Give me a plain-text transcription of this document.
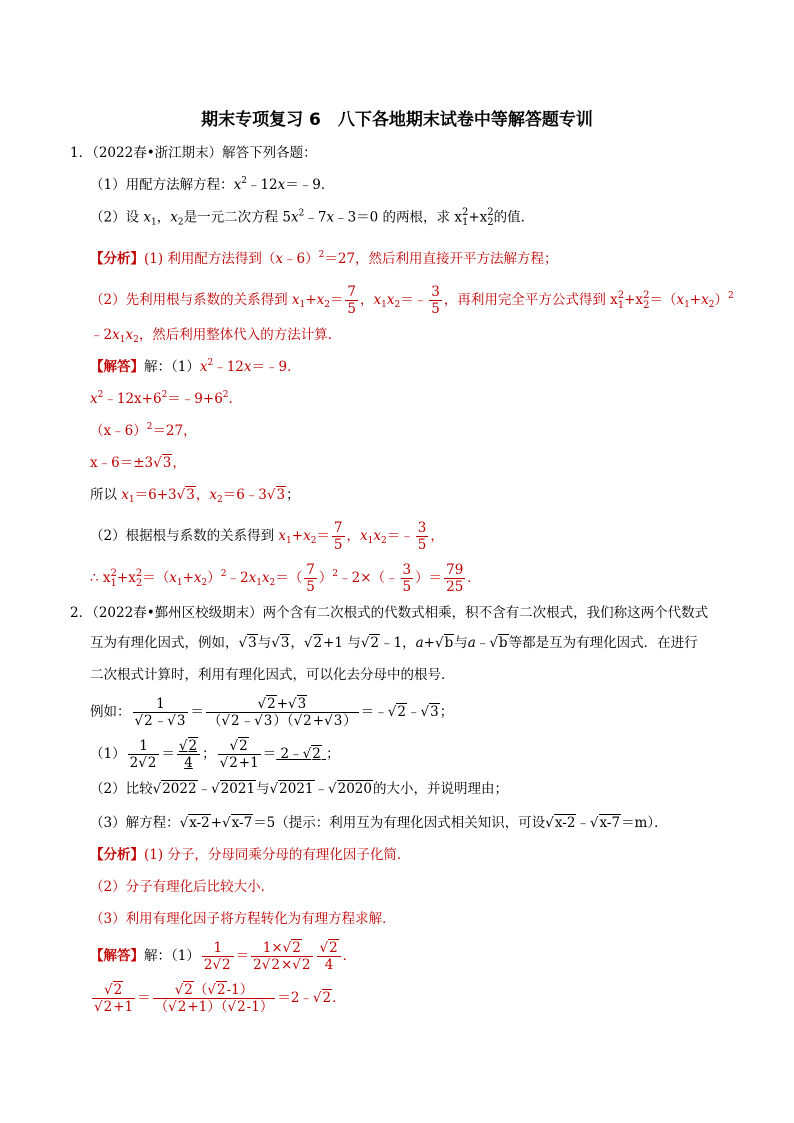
期末专项复习 6　八下各地期末试卷中等解答题专训
1．（2022春•浙江期末）解答下列各题：
（1）用配方法解方程：$x^2﹣12x=﹣9$．
（2）设 $x_1$，$x_2$是一元二次方程 $5x^2﹣7x﹣3=0$ 的两根，求 x 2
1 +x 2
2 的值．
【分析】(1) 利用配方法得到（x﹣6）$^2$＝27，然后利用直接开平方法解方程；
（2）先利用根与系数的关系得到 $x_1+x_2= \frac{7}{5}$ ，$x_1x_2=﹣ \frac{3}{5}$ ，再利用完全平方公式得到 x 2
1 +x 2
$2 =(x_1+x_2)^2$
$﹣2x_1x_2$，然后利用整体代入的方法计算．
【解答】解：$(1)x^2﹣12x=﹣9$．
$x^2﹣12x+6^2=﹣9+6^2$．
（x﹣6）$^2$＝27，
x﹣6＝±3√ 3，
所以 $x_1=6+3√$ 3，$x_2=6﹣3√$ 3；
（2）根据根与系数的关系得到 $x_1+x_2= \frac{7}{5}$ ，$x_1x_2=﹣ \frac{3}{5}$ ，
∴ x 2
1 +x 2
$2 =(x_1+x_2)^2﹣2x_1x_2=( \frac{7}{5}$ ）$^2$﹣2×（﹣ $\frac{3}{5}$ ）＝ $\frac{79}{25}$ ．
2．（2022春•鄞州区校级期末）两个含有二次根式的代数式相乘，积不含有二次根式，我们称这两个代数式
互为有理化因式，例如，√ 3与√ 3，√ 2+1 与√ 2﹣1，a+√ b与a﹣√ b等都是互为有理化因式．在进行
二次根式计算时，利用有理化因式，可以化去分母中的根号．
例如： 1
√ 2﹣√ 3 ＝
√ $\frac{2+√ 3}{(√ 2﹣√ 3)(√ 2+√ 3)}$ ＝﹣√ 2﹣√ 3；
$(1) \frac{1}{2√ 2}$ ＝
√ $\frac{2}{4}$ ；
√ 2
√ 2+1 ＝ 2﹣√ 2 ；
（2）比较√ 2022﹣√ 2021与√ 2021﹣√ 2020的大小，并说明理由；
（3）解方程：√ x-2+√ x-7＝5（提示：利用互为有理化因式相关知识，可设√ x-2﹣√ x-7＝m）．
【分析】(1) 分子，分母同乘分母的有理化因子化简．
（2）分子有理化后比较大小．
（3）利用有理化因子将方程转化为有理方程求解．
【解答】解：$(1) \frac{1}{2√ 2} = \frac{1\times√ 2}{2√ 2\times√ 2}$
√ $\frac{2}{4}$ ．
√ 2
√ 2+1 ＝
√ $\frac{2(√ 2-1)}{(√ 2+1)(√ 2-1)}$ ＝2﹣√ 2．
